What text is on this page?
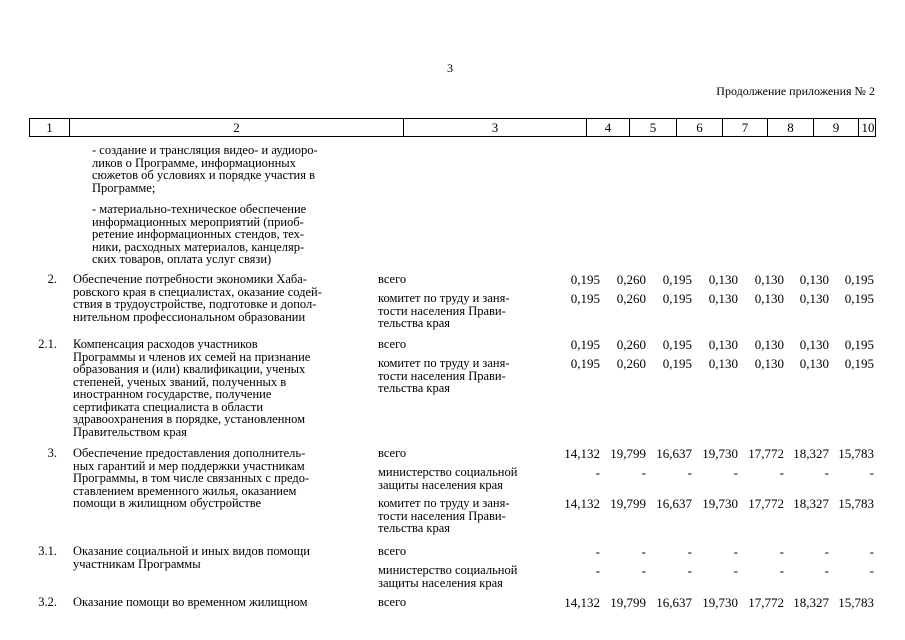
3
Продолжение приложения № 2
1	2	3	4	5	6	7	8	9	10
- создание и трансляция видео- и аудиоро-
ликов о Программе, информационных
сюжетов об условиях и порядке участия в
Программе;
- материально-техническое обеспечение
информационных мероприятий (приоб-
ретение информационных стендов, тех-
ники, расходных материалов, канцеляр-
ских товаров, оплата услуг связи)
2. Обеспечение потребности экономики Хаба-
ровского края в специалистах, оказание содей-
ствия в трудоустройстве, подготовке и допол-
нительном профессиональном образовании
всего	0,195	0,260	0,195	0,130	0,130	0,130	0,195
комитет по труду и заня-
тости населения Прави-
тельства края
0,195	0,260	0,195	0,130	0,130	0,130	0,195
2.1. Компенсация расходов участников
Программы и членов их семей на признание
образования и (или) квалификации, ученых
степеней, ученых званий, полученных в
иностранном государстве, получение
сертификата специалиста в области
здравоохранения в порядке, установленном
Правительством края
всего	0,195	0,260	0,195	0,130	0,130	0,130	0,195
комитет по труду и заня-
тости населения Прави-
тельства края
0,195	0,260	0,195	0,130	0,130	0,130	0,195
3. Обеспечение предоставления дополнитель-
ных гарантий и мер поддержки участникам
Программы, в том числе связанных с предо-
ставлением временного жилья, оказанием
помощи в жилищном обустройстве
всего	14,132 19,799 16,637 19,730 17,772 18,327 15,783
министерство социальной
защиты населения края
-	-	-	-	-	-	-
комитет по труду и заня-
тости населения Прави-
тельства края
14,132 19,799 16,637 19,730 17,772 18,327 15,783
3.1. Оказание социальной и иных видов помощи
участникам Программы
всего	-	-	-	-	-	-	-
министерство социальной
защиты населения края
-	-	-	-	-	-	-
3.2. Оказание помощи во временном жилищном	всего	14,132 19,799 16,637 19,730 17,772 18,327 15,783
